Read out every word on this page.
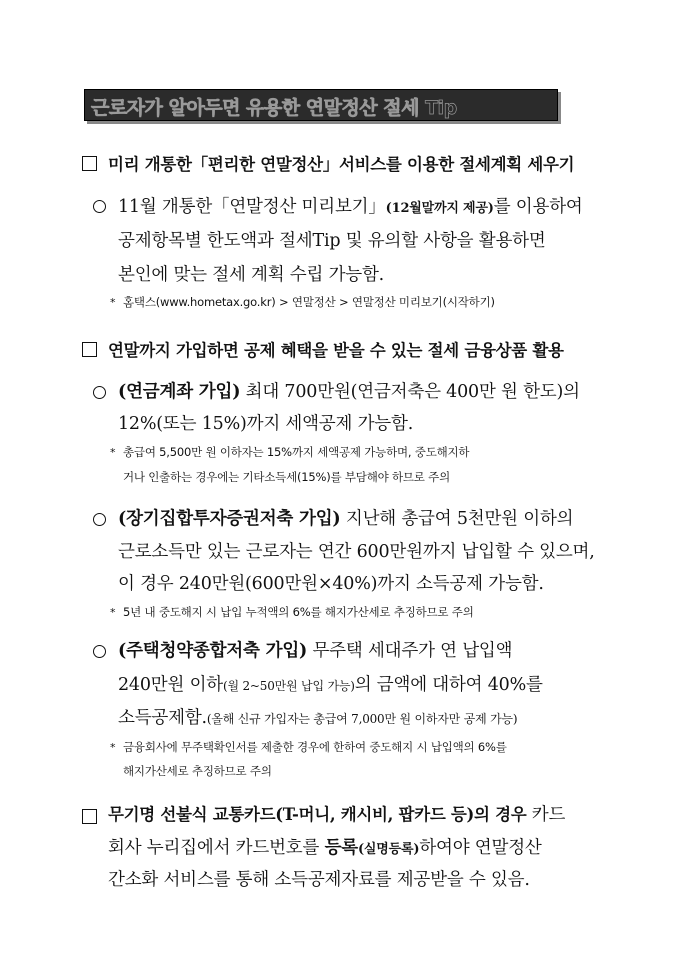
근로자가 알아두면 유용한 연말정산 절세 Tip
미리 개통한「편리한 연말정산」서비스를 이용한 절세계획 세우기
11월 개통한「연말정산 미리보기」(12월말까지 제공)를 이용하여
공제항목별 한도액과 절세Tip 및 유의할 사항을 활용하면
본인에 맞는 절세 계획 수립 가능함.
* 홈택스(www.hometax.go.kr) > 연말정산 > 연말정산 미리보기(시작하기)
연말까지 가입하면 공제 혜택을 받을 수 있는 절세 금융상품 활용
(연금계좌 가입) 최대 700만원(연금저축은 400만 원 한도)의
12%(또는 15%)까지 세액공제 가능함.
* 총급여 5,500만 원 이하자는 15%까지 세액공제 가능하며, 중도해지하
거나 인출하는 경우에는 기타소득세(15%)를 부담해야 하므로 주의
(장기집합투자증권저축 가입) 지난해 총급여 5천만원 이하의
근로소득만 있는 근로자는 연간 600만원까지 납입할 수 있으며,
이 경우 240만원(600만원×40%)까지 소득공제 가능함.
* 5년 내 중도해지 시 납입 누적액의 6%를 해지가산세로 추징하므로 주의
(주택청약종합저축 가입) 무주택 세대주가 연 납입액
240만원 이하(월 2~50만원 납입 가능)의 금액에 대하여 40%를
소득공제함.(올해 신규 가입자는 총급여 7,000만 원 이하자만 공제 가능)
* 금융회사에 무주택확인서를 제출한 경우에 한하여 중도해지 시 납입액의 6%를
해지가산세로 추징하므로 주의
무기명 선불식 교통카드(T-머니, 캐시비, 팝카드 등)의 경우 카드
회사 누리집에서 카드번호를 등록(실명등록)하여야 연말정산
간소화 서비스를 통해 소득공제자료를 제공받을 수 있음.
